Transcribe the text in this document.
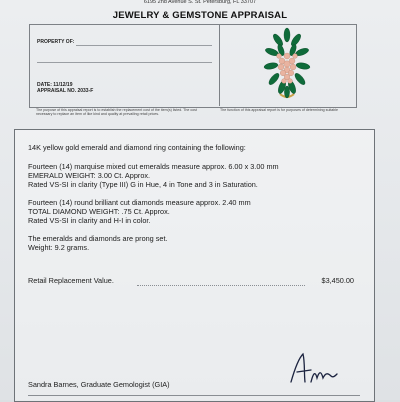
6195 2nd Avenue S. St. Petersburg, FL 33707
JEWELRY & GEMSTONE APPRAISAL
PROPERTY OF:
DATE: 11/12/19
APPRAISAL NO. 2033-F
The purpose of this appraisal report is to establish the replacement cost of the item(s) listed. The cost
necessary to replace an item of like kind and quality at prevailing retail prices.
The function of this appraisal report is for purposes of determining suitable
14K yellow gold emerald and diamond ring containing the following:
Fourteen (14) marquise mixed cut emeralds measure approx. 6.00 x 3.00 mm
EMERALD WEIGHT: 3.00 Ct. Approx.
Rated VS-SI in clarity (Type III) G in Hue, 4 in Tone and 3 in Saturation.
Fourteen (14) round brilliant cut diamonds measure approx. 2.40 mm
TOTAL DIAMOND WEIGHT: .75 Ct. Approx.
Rated VS-SI in clarity and H-I in color.
The emeralds and diamonds are prong set.
Weight: 9.2 grams.
Retail Replacement Value.	$3,450.00
Sandra Barnes, Graduate Gemologist (GIA)
